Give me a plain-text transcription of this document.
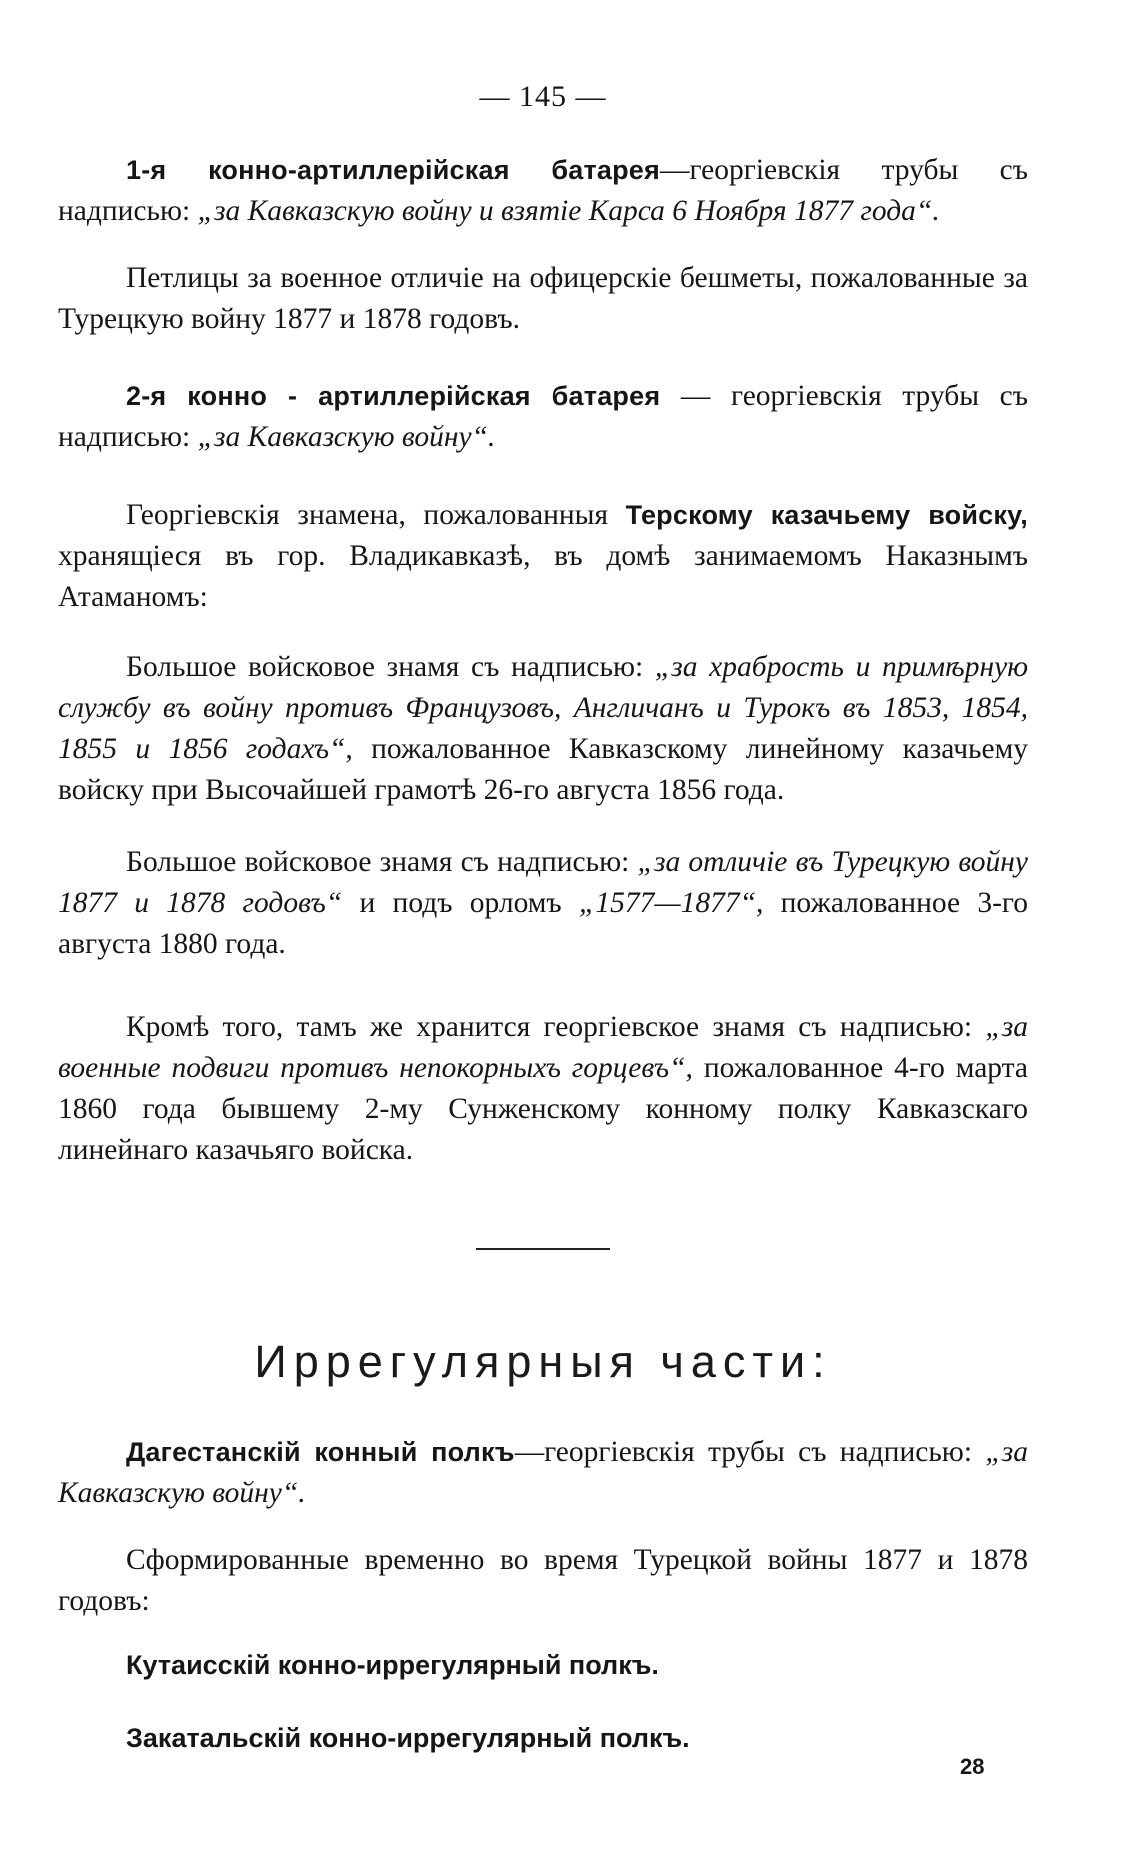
— 145 —

1-я конно-артиллерійская батарея—георгіевскія трубы съ надписью: „за Кавказскую войну и взятіе Карса 6 Ноября 1877 года“.

Петлицы за военное отличіе на офицерскіе бешметы, пожалованные за Турецкую войну 1877 и 1878 годовъ.

2-я конно - артиллерійская батарея — георгіевскія трубы съ надписью: „за Кавказскую войну“.

Георгіевскія знамена, пожалованныя Терскому казачьему войску, хранящіеся въ гор. Владикавказѣ, въ домѣ занимаемомъ Наказнымъ Атаманомъ:

Большое войсковое знамя съ надписью: „за храбрость и примѣрную службу въ войну противъ Французовъ, Англичанъ и Турокъ въ 1853, 1854, 1855 и 1856 годахъ“, пожалованное Кавказскому линейному казачьему войску при Высочайшей грамотѣ 26-го августа 1856 года.

Большое войсковое знамя съ надписью: „за отличіе въ Турецкую войну 1877 и 1878 годовъ“ и подъ орломъ „1577—1877“, пожалованное 3-го августа 1880 года.

Кромѣ того, тамъ же хранится георгіевское знамя съ надписью: „за военные подвиги противъ непокорныхъ горцевъ“, пожалованное 4-го марта 1860 года бывшему 2-му Сунженскому конному полку Кавказскаго линейнаго казачьяго войска.

Иррегулярныя части:

Дагестанскій конный полкъ—георгіевскія трубы съ надписью: „за Кавказскую войну“.

Сформированные временно во время Турецкой войны 1877 и 1878 годовъ:

Кутаисскій конно-иррегулярный полкъ.

Закатальскій конно-иррегулярный полкъ.

28
